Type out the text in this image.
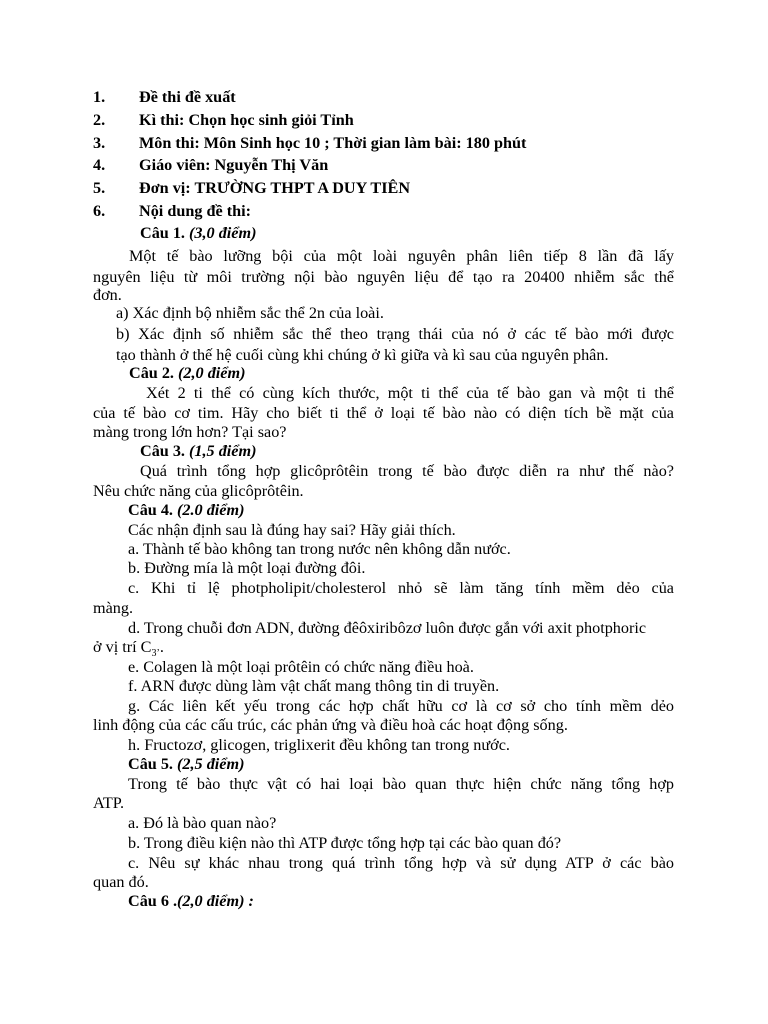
1. Đề thi đề xuất
2. Kì thi: Chọn học sinh giỏi Tỉnh
3. Môn thi: Môn Sinh học 10 ; Thời gian làm bài: 180 phút
4. Giáo viên: Nguyễn Thị Văn
5. Đơn vị: TRƯỜNG THPT A DUY TIÊN
6. Nội dung đề thi:
Câu 1. (3,0 điểm)
Một tế bào lưỡng bội của một loài nguyên phân liên tiếp 8 lần đã lấy
nguyên liệu từ môi trường nội bào nguyên liệu để tạo ra 20400 nhiễm sắc thể
đơn.
a) Xác định bộ nhiễm sắc thể 2n của loài.
b) Xác định số nhiễm sắc thể theo trạng thái của nó ở các tế bào mới được
tạo thành ở thế hệ cuối cùng khi chúng ở kì giữa và kì sau của nguyên phân.
Câu 2. (2,0 điểm)
Xét 2 ti thể có cùng kích thước, một ti thể của tế bào gan và một ti thể
của tế bào cơ tim. Hãy cho biết ti thể ở loại tế bào nào có diện tích bề mặt của
màng trong lớn hơn? Tại sao?
Câu 3. (1,5 điểm)
Quá trình tổng hợp glicôprôtêin trong tế bào được diễn ra như thế nào?
Nêu chức năng của glicôprôtêin.
Câu 4. (2.0 điểm)
Các nhận định sau là đúng hay sai? Hãy giải thích.
a. Thành tế bào không tan trong nước nên không dẫn nước.
b. Đường mía là một loại đường đôi.
c. Khi tỉ lệ photpholipit/cholesterol nhỏ sẽ làm tăng tính mềm dẻo của
màng.
d. Trong chuỗi đơn ADN, đường đêôxiribôzơ luôn được gắn với axit photphoric
ở vị trí $C_{3’}$.
e. Colagen là một loại prôtêin có chức năng điều hoà.
f. ARN được dùng làm vật chất mang thông tin di truyền.
g. Các liên kết yếu trong các hợp chất hữu cơ là cơ sở cho tính mềm dẻo
linh động của các cấu trúc, các phản ứng và điều hoà các hoạt động sống.
h. Fructozơ, glicogen, triglixerit đều không tan trong nước.
Câu 5. (2,5 điểm)
Trong tế bào thực vật có hai loại bào quan thực hiện chức năng tổng hợp
ATP.
a. Đó là bào quan nào?
b. Trong điều kiện nào thì ATP được tổng hợp tại các bào quan đó?
c. Nêu sự khác nhau trong quá trình tổng hợp và sử dụng ATP ở các bào
quan đó.
Câu 6 .(2,0 điểm) :
